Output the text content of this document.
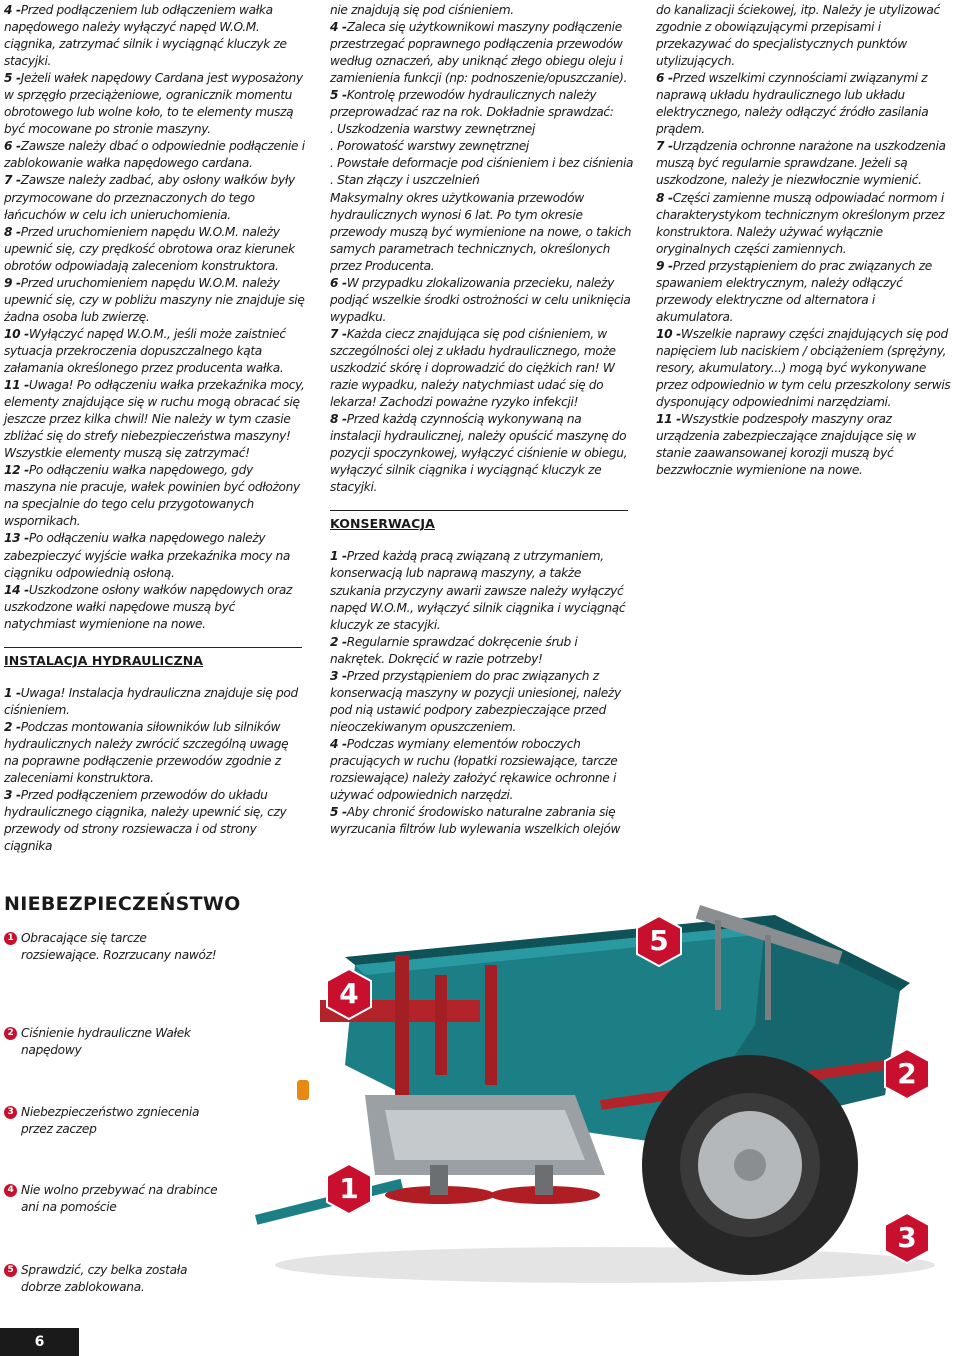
4 -Przed podłączeniem lub odłączeniem wałka napędowego należy wyłączyć napęd W.O.M. ciągnika, zatrzymać silnik i wyciągnąć kluczyk ze stacyjki.

5 -Jeżeli wałek napędowy Cardana jest wyposażony w sprzęgło przeciążeniowe, ogranicznik momentu obrotowego lub wolne koło, to te elementy muszą być mocowane po stronie maszyny.

6 -Zawsze należy dbać o odpowiednie podłączenie i zablokowanie wałka napędowego cardana.

7 -Zawsze należy zadbać, aby osłony wałków były przymocowane do przeznaczonych do tego łańcuchów w celu ich unieruchomienia.

8 -Przed uruchomieniem napędu W.O.M. należy upewnić się, czy prędkość obrotowa oraz kierunek obrotów odpowiadają zaleceniom konstruktora.

9 -Przed uruchomieniem napędu W.O.M. należy upewnić się, czy w pobliżu maszyny nie znajduje się żadna osoba lub zwierzę.

10 -Wyłączyć napęd W.O.M., jeśli może zaistnieć sytuacja przekroczenia dopuszczalnego kąta załamania określonego przez producenta wałka.

11 -Uwaga! Po odłączeniu wałka przekaźnika mocy, elementy znajdujące się w ruchu mogą obracać się jeszcze przez kilka chwil! Nie należy w tym czasie zbliżać się do strefy niebezpieczeństwa maszyny! Wszystkie elementy muszą się zatrzymać!

12 -Po odłączeniu wałka napędowego, gdy maszyna nie pracuje, wałek powinien być odłożony na specjalnie do tego celu przygotowanych wspornikach.

13 -Po odłączeniu wałka napędowego należy zabezpieczyć wyjście wałka przekaźnika mocy na ciągniku odpowiednią osłoną.

14 -Uszkodzone osłony wałków napędowych oraz uszkodzone wałki napędowe muszą być natychmiast wymienione na nowe.

INSTALACJA HYDRAULICZNA

1 -Uwaga! Instalacja hydrauliczna znajduje się pod ciśnieniem.

2 -Podczas montowania siłowników lub silników hydraulicznych należy zwrócić szczególną uwagę na poprawne podłączenie przewodów zgodnie z zaleceniami konstruktora.

3 -Przed podłączeniem przewodów do układu hydraulicznego ciągnika, należy upewnić się, czy przewody od strony rozsiewacza i od strony ciągnika

nie znajdują się pod ciśnieniem.

4 -Zaleca się użytkownikowi maszyny podłączenie przestrzegać poprawnego podłączenia przewodów według oznaczeń, aby uniknąć złego obiegu oleju i zamienienia funkcji (np: podnoszenie/opuszczanie).

5 -Kontrolę przewodów hydraulicznych należy przeprowadzać raz na rok. Dokładnie sprawdzać:

. Uszkodzenia warstwy zewnętrznej

. Porowatość warstwy zewnętrznej

. Powstałe deformacje pod ciśnieniem i bez ciśnienia

. Stan złączy i uszczelnień

Maksymalny okres użytkowania przewodów hydraulicznych wynosi 6 lat. Po tym okresie przewody muszą być wymienione na nowe, o takich samych parametrach technicznych, określonych przez Producenta.

6 -W przypadku zlokalizowania przecieku, należy podjąć wszelkie środki ostrożności w celu uniknięcia wypadku.

7 -Każda ciecz znajdująca się pod ciśnieniem, w szczególności olej z układu hydraulicznego, może uszkodzić skórę i doprowadzić do ciężkich ran! W razie wypadku, należy natychmiast udać się do lekarza! Zachodzi poważne ryzyko infekcji!

8 -Przed każdą czynnością wykonywaną na instalacji hydraulicznej, należy opuścić maszynę do pozycji spoczynkowej, wyłączyć ciśnienie w obiegu, wyłączyć silnik ciągnika i wyciągnąć kluczyk ze stacyjki.

KONSERWACJA

1 -Przed każdą pracą związaną z utrzymaniem, konserwacją lub naprawą maszyny, a także szukania przyczyny awarii zawsze należy wyłączyć napęd W.O.M., wyłączyć silnik ciągnika i wyciągnąć kluczyk ze stacyjki.

2 -Regularnie sprawdzać dokręcenie śrub i nakrętek. Dokręcić w razie potrzeby!

3 -Przed przystąpieniem do prac związanych z konserwacją maszyny w pozycji uniesionej, należy pod nią ustawić podpory zabezpieczające przed nieoczekiwanym opuszczeniem.

4 -Podczas wymiany elementów roboczych pracujących w ruchu (łopatki rozsiewające, tarcze rozsiewające) należy założyć rękawice ochronne i używać odpowiednich narzędzi.

5 -Aby chronić środowisko naturalne zabrania się wyrzucania filtrów lub wylewania wszelkich olejów

do kanalizacji ściekowej, itp. Należy je utylizować zgodnie z obowiązującymi przepisami i przekazywać do specjalistycznych punktów utylizujących.

6 -Przed wszelkimi czynnościami związanymi z naprawą układu hydraulicznego lub układu elektrycznego, należy odłączyć źródło zasilania prądem.

7 -Urządzenia ochronne narażone na uszkodzenia muszą być regularnie sprawdzane. Jeżeli są uszkodzone, należy je niezwłocznie wymienić.

8 -Części zamienne muszą odpowiadać normom i charakterystykom technicznym określonym przez konstruktora. Należy używać wyłącznie oryginalnych części zamiennych.

9 -Przed przystąpieniem do prac związanych ze spawaniem elektrycznym, należy odłączyć przewody elektryczne od alternatora i akumulatora.

10 -Wszelkie naprawy części znajdujących się pod napięciem lub naciskiem / obciążeniem (sprężyny, resory, akumulatory...) mogą być wykonywane przez odpowiednio w tym celu przeszkolony serwis dysponujący odpowiednimi narzędziami.

11 -Wszystkie podzespoły maszyny oraz urządzenia zabezpieczające znajdujące się w stanie zaawansowanej korozji muszą być bezzwłocznie wymienione na nowe.

NIEBEZPIECZEŃSTWO
1 Obracające się tarcze rozsiewające. Rozrzucany nawóz!
2 Ciśnienie hydrauliczne Wałek napędowy
3 Niebezpieczeństwo zgniecenia przez zaczep
4 Nie wolno przebywać na drabince ani na pomoście
5 Sprawdzić, czy belka została dobrze zablokowana.
5
4
2
1
3
6
